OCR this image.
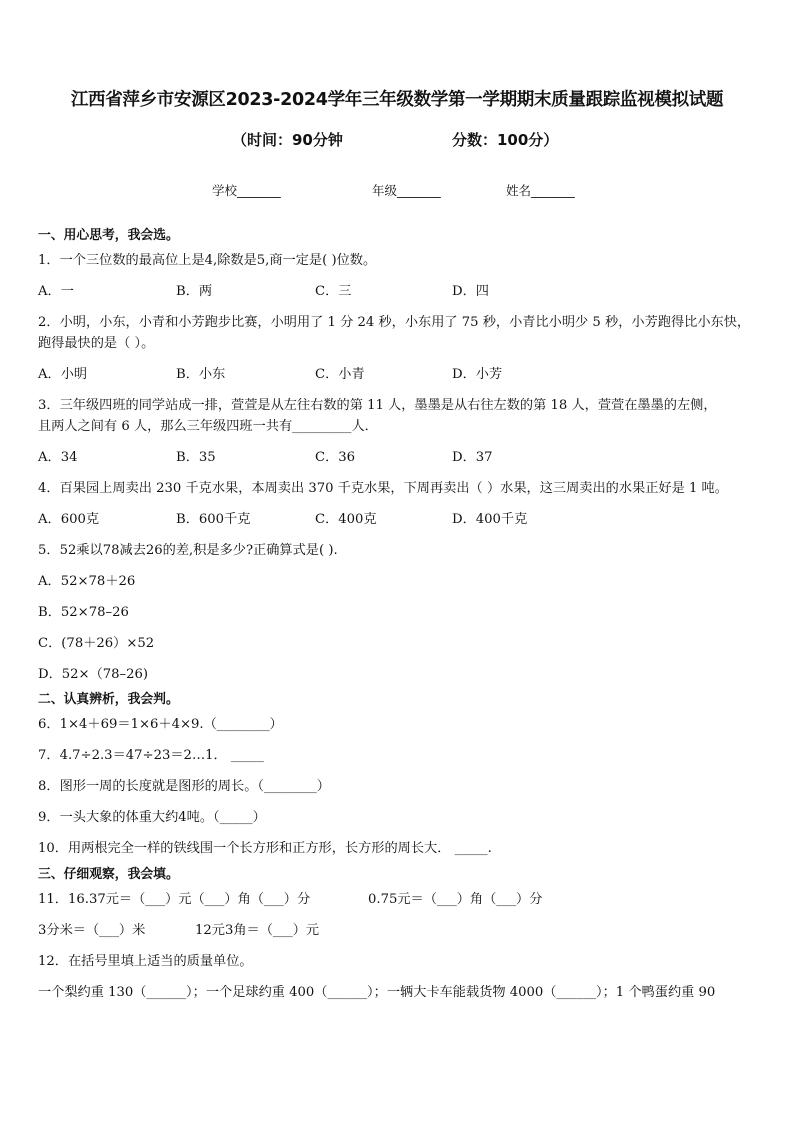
江西省萍乡市安源区2023-2024学年三年级数学第一学期期末质量跟踪监视模拟试题
（时间：90分钟	分数：100分）
学校_______	年级_______	姓名_______
一、用心思考，我会选。
1．一个三位数的最高位上是4,除数是5,商一定是( )位数。
A．一	B．两	C．三	D．四
2．小明，小东，小青和小芳跑步比赛，小明用了 1 分 24 秒，小东用了 75 秒，小青比小明少 5 秒，小芳跑得比小东快，
跑得最快的是（ ）。
A．小明	B．小东	C．小青	D．小芳
3．三年级四班的同学站成一排，萱萱是从左往右数的第 11 人，墨墨是从右往左数的第 18 人，萱萱在墨墨的左侧，
且两人之间有 6 人，那么三年级四班一共有_________人．
A．34	B．35	C．36	D．37
4．百果园上周卖出 230 千克水果，本周卖出 370 千克水果，下周再卖出（ ）水果，这三周卖出的水果正好是 1 吨。
A．600克	B．600千克	C．400克	D．400千克
5．52乘以78减去26的差,积是多少?正确算式是( ).
A．52×78＋26
B．52×78–26
C．(78＋26）×52
D．52×（78–26)
二、认真辨析，我会判。
6．1×4＋69＝1×6＋4×9.（________）
7．4.7÷2.3＝47÷23＝2…1． _____
8．图形一周的长度就是图形的周长。（________）
9．一头大象的体重大约4吨。（_____）
10．用两根完全一样的铁线围一个长方形和正方形，长方形的周长大． _____.
三、仔细观察，我会填。
11．16.37元＝（___）元（___）角（___）分	0.75元＝（___）角（___）分
3分米＝（___）米	12元3角＝（___）元
12．在括号里填上适当的质量单位。
一个梨约重 130（______）；一个足球约重 400（______）；一辆大卡车能载货物 4000（______）；1 个鸭蛋约重 90
